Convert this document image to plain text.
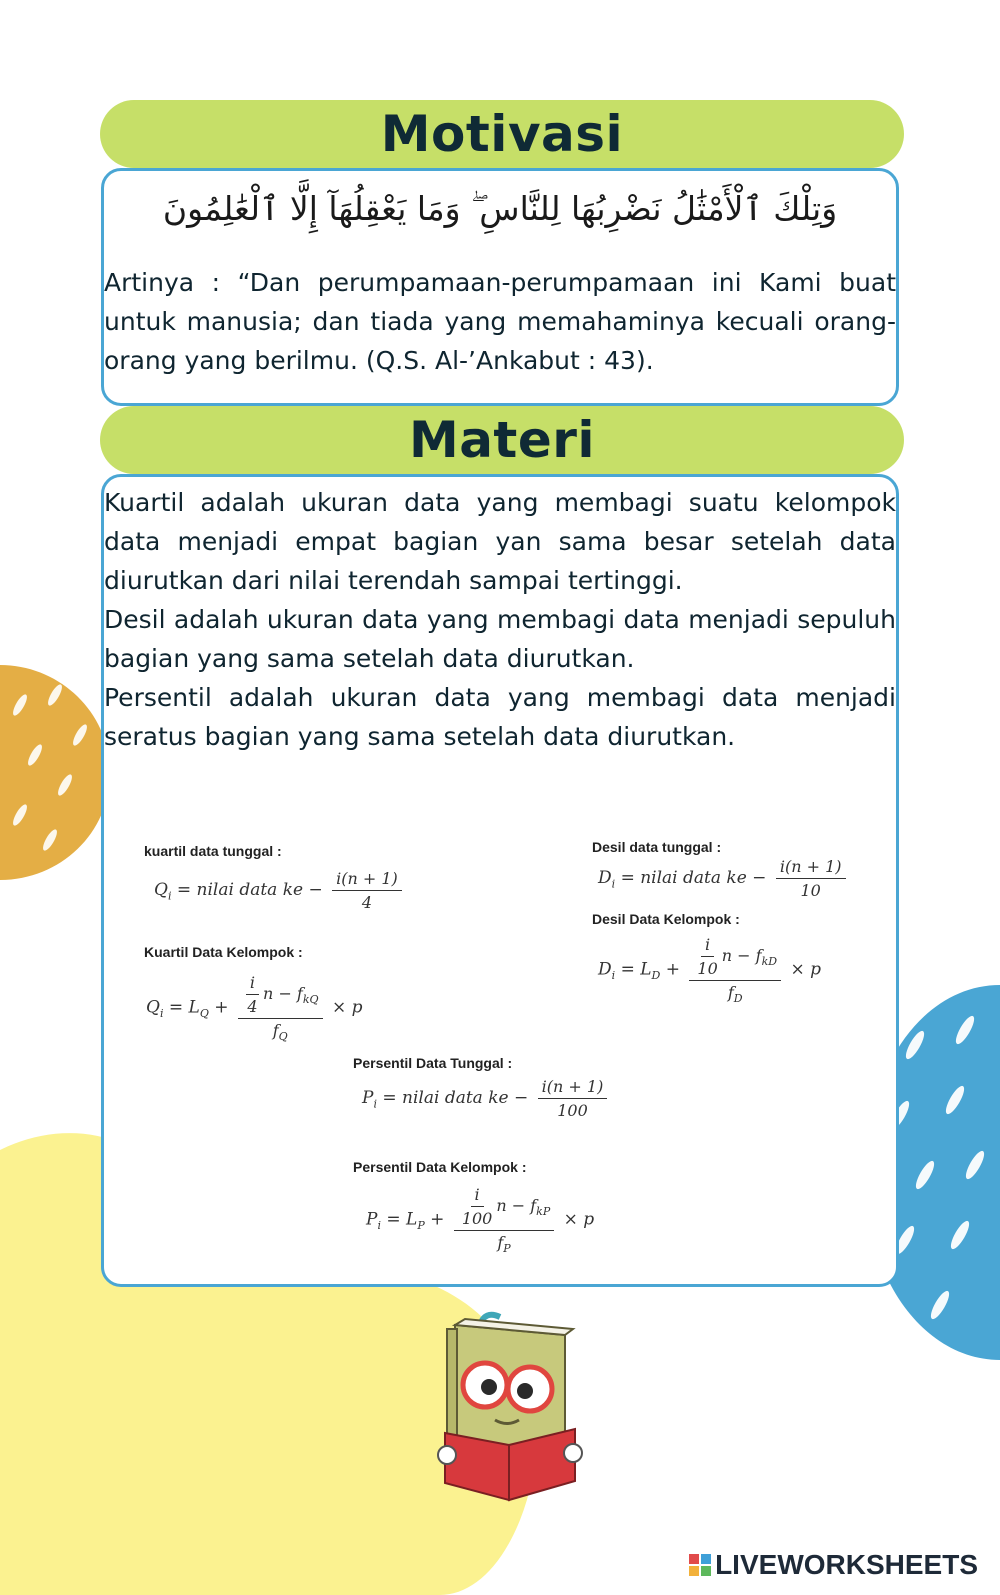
Motivasi
وَتِلْكَ ٱلْأَمْثَٰلُ نَضْرِبُهَا لِلنَّاسِ ۖ وَمَا يَعْقِلُهَآ إِلَّا ٱلْعَٰلِمُونَ

Artinya : “Dan perumpamaan-perumpamaan ini Kami buat untuk manusia; dan tiada yang memahaminya kecuali orang-orang yang berilmu. (Q.S. Al-’Ankabut : 43).

Materi

Kuartil adalah ukuran data yang membagi suatu kelompok data menjadi empat bagian yan sama besar setelah data diurutkan dari nilai terendah sampai tertinggi.

Desil adalah ukuran data yang membagi data menjadi sepuluh bagian yang sama setelah data diurutkan.

Persentil adalah ukuran data yang membagi data menjadi seratus bagian yang sama setelah data diurutkan.

kuartil data tunggal :
$Q_i$ = nilai data ke − $\frac{i(n + 1)}{4}$
Desil data tunggal :
$D_i$ = nilai data ke − $\frac{i(n + 1)}{10}$
Desil Data Kelompok :
$D_i = L_D + \frac{\frac{i}{10} n - f_{kD}}{f_D} \times p$
Kuartil Data Kelompok :
$Q_i = L_Q + \frac{\frac{i}{4} n - f_{kQ}}{f_Q} \times p$
Persentil Data Tunggal :
$P_i$ = nilai data ke − $\frac{i(n + 1)}{100}$
Persentil Data Kelompok :
$P_i = L_P + \frac{\frac{i}{100} n - f_{kP}}{f_P} \times p$
LIVEWORKSHEETS
